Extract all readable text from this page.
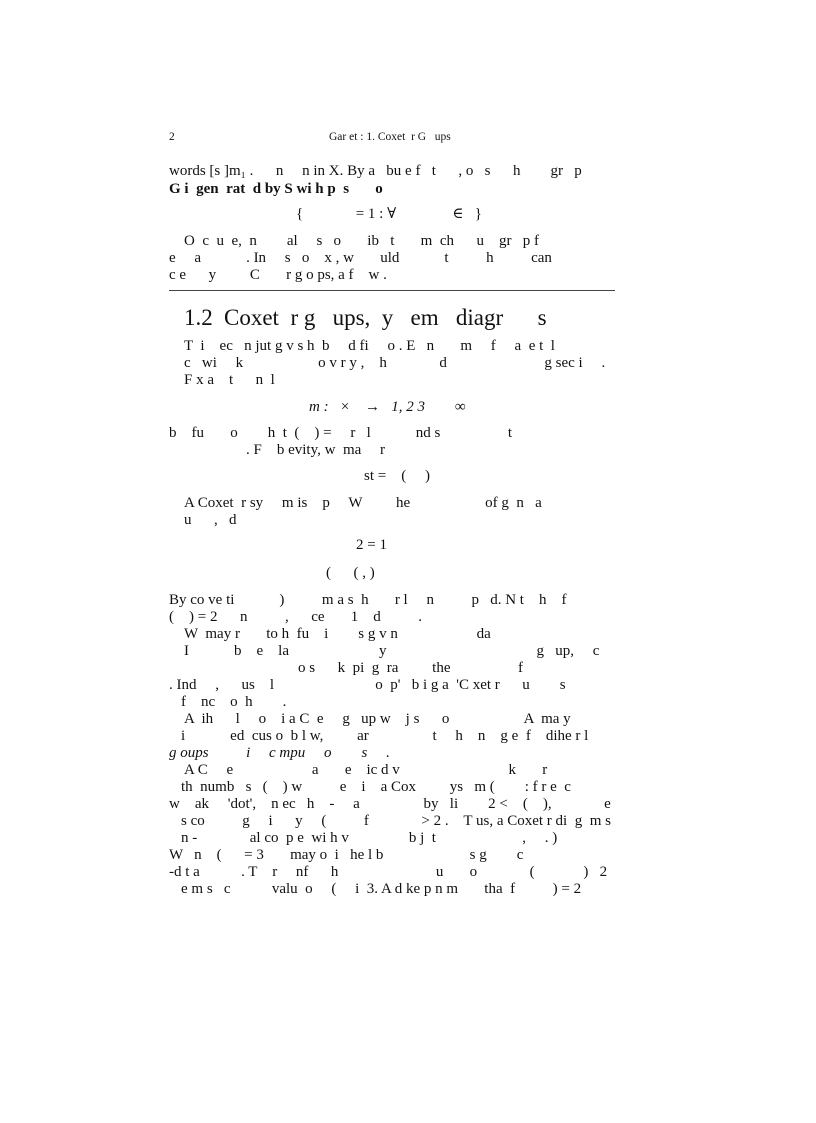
2	Gar et : 1. Coxet  r G   ups
words [s ]m₁ .      n     n in X. By a   bu e f   t      , o   s      h        gr   p
G i  gen  rat  d by S wi h p  s       o
{              = 1 : ∀               ∈   }
O  c  u  e,  n        al     s   o       ib   t       m  ch      u    gr   p f
e     a            . In     s   o    x , w       uld            t          h          can
c e      y         C       r g o ps, a f    w .
1.2 Coxet  r g   ups,  y   em   diagr      s
T  i    ec   n jut g v s h  b     d fi     o . E   n       m     f     a  e t  l
c   wi     k                    o v r y ,    h              d                          g sec i     .
F x a    t      n  l
m :   ×    →   1, 2 3        ∞
b    fu       o        h  t  (    ) =     r   l            nd s                  t
. F    b evity, w  ma     r
st =    (     )
A Coxet  r sy     m is    p     W         he                    of g  n   a
u      ,   d
2 = 1
(      ( , )
By co ve ti            )          m a s  h       r l     n          p   d. N t    h    f
(    ) = 2      n          ,      ce       1    d          .
W  may r       to h  fu    i        s g v n                     da
I            b    e    la                        y                                        g   up,     c
o s      k  pi  g  ra         the                  f
. Ind     ,      us    l                           o  p'   b i g a  'C xet r      u        s
f    nc    o  h        .
A  ih      l     o    i a C  e     g   up w    j s      o                    A  ma y
i            ed  cus o  b l w,         ar                 t     h    n    g e  f    dihe r l
g oups          i     c mpu     o        s     .
A C     e                     a       e    ic d v                             k       r
th  numb   s   (    ) w          e    i    a Cox         ys   m (        : f r e  c
w    ak     'dot',    n ec   h    -     a                 by   li        2 <    (    ),              e
s co          g     i      y     (          f              > 2 .    T us, a Coxet r di  g  m s
n -              al co  p e  wi h v                b j  t                       ,     . )
W   n    (      = 3       may o  i   he l b                       s g        c
-d t a           . T    r     nf      h                          u       o              (             )   2
e m s   c           valu  o     (     i  3. A d ke p n m       tha  f          ) = 2
